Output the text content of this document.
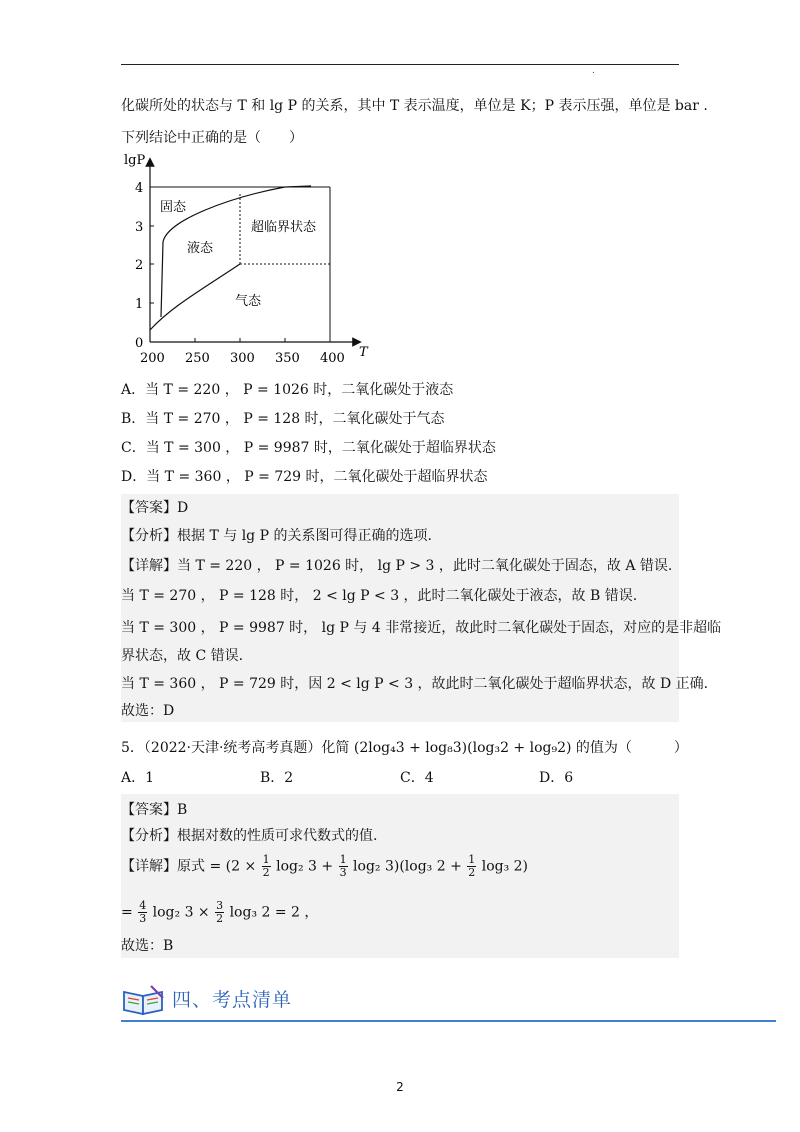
.
化碳所处的状态与 T 和 lg P 的关系，其中 T 表示温度，单位是 K；P 表示压强，单位是 bar .
下列结论中正确的是（　　）
lgP
T
0
1
2
3
4
200 250 300 350 400
固态
液态
超临界状态
气态
A．当 T = 220 ， P = 1026 时，二氧化碳处于液态
B．当 T = 270 ， P = 128 时，二氧化碳处于气态
C．当 T = 300 ， P = 9987 时，二氧化碳处于超临界状态
D．当 T = 360 ， P = 729 时，二氧化碳处于超临界状态
【答案】D
【分析】根据 T 与 lg P 的关系图可得正确的选项.
【详解】当 T = 220 ， P = 1026 时， lg P > 3 ，此时二氧化碳处于固态，故 A 错误.
当 T = 270 ， P = 128 时， 2 < lg P < 3 ，此时二氧化碳处于液态，故 B 错误.
当 T = 300 ， P = 9987 时， lg P 与 4 非常接近，故此时二氧化碳处于固态，对应的是非超临
界状态，故 C 错误.
当 T = 360 ， P = 729 时，因 2 < lg P < 3 ，故此时二氧化碳处于超临界状态，故 D 正确.
故选：D
5．（2022·天津·统考高考真题）化简 (2log₄3 + log₈3)(log₃2 + log₉2) 的值为（　　　）
A．1	B．2	C．4	D．6
【答案】B
【分析】根据对数的性质可求代数式的值.
【详解】原式 = ($2 \times \frac{1}{2} \log_2$ $3 + \frac{1}{3} \log_2$ 3)(log₃ $2 + \frac{1}{2} \log_3$ 2)
= $\frac{4}{3} \log_2$ $3 \times \frac{3}{2} \log_3$ 2 = 2 ，
故选：B
四、考点清单
2
